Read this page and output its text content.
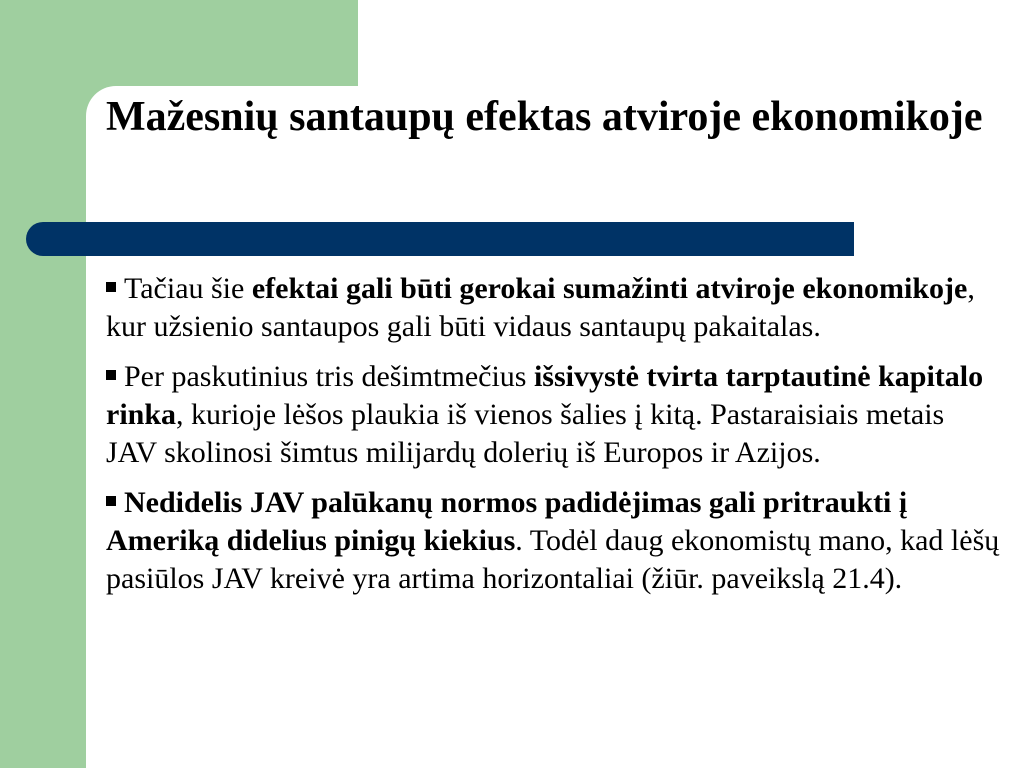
Mažesnių santaupų efektas atviroje ekonomikoje

Tačiau šie efektai gali būti gerokai sumažinti atviroje ekonomikoje, kur užsienio santaupos gali būti vidaus santaupų pakaitalas.

Per paskutinius tris dešimtmečius išsivystė tvirta tarptautinė kapitalo rinka, kurioje lėšos plaukia iš vienos šalies į kitą. Pastaraisiais metais JAV skolinosi šimtus milijardų dolerių iš Europos ir Azijos.

Nedidelis JAV palūkanų normos padidėjimas gali pritraukti į Ameriką didelius pinigų kiekius. Todėl daug ekonomistų mano, kad lėšų pasiūlos JAV kreivė yra artima horizontaliai (žiūr. paveikslą 21.4).
